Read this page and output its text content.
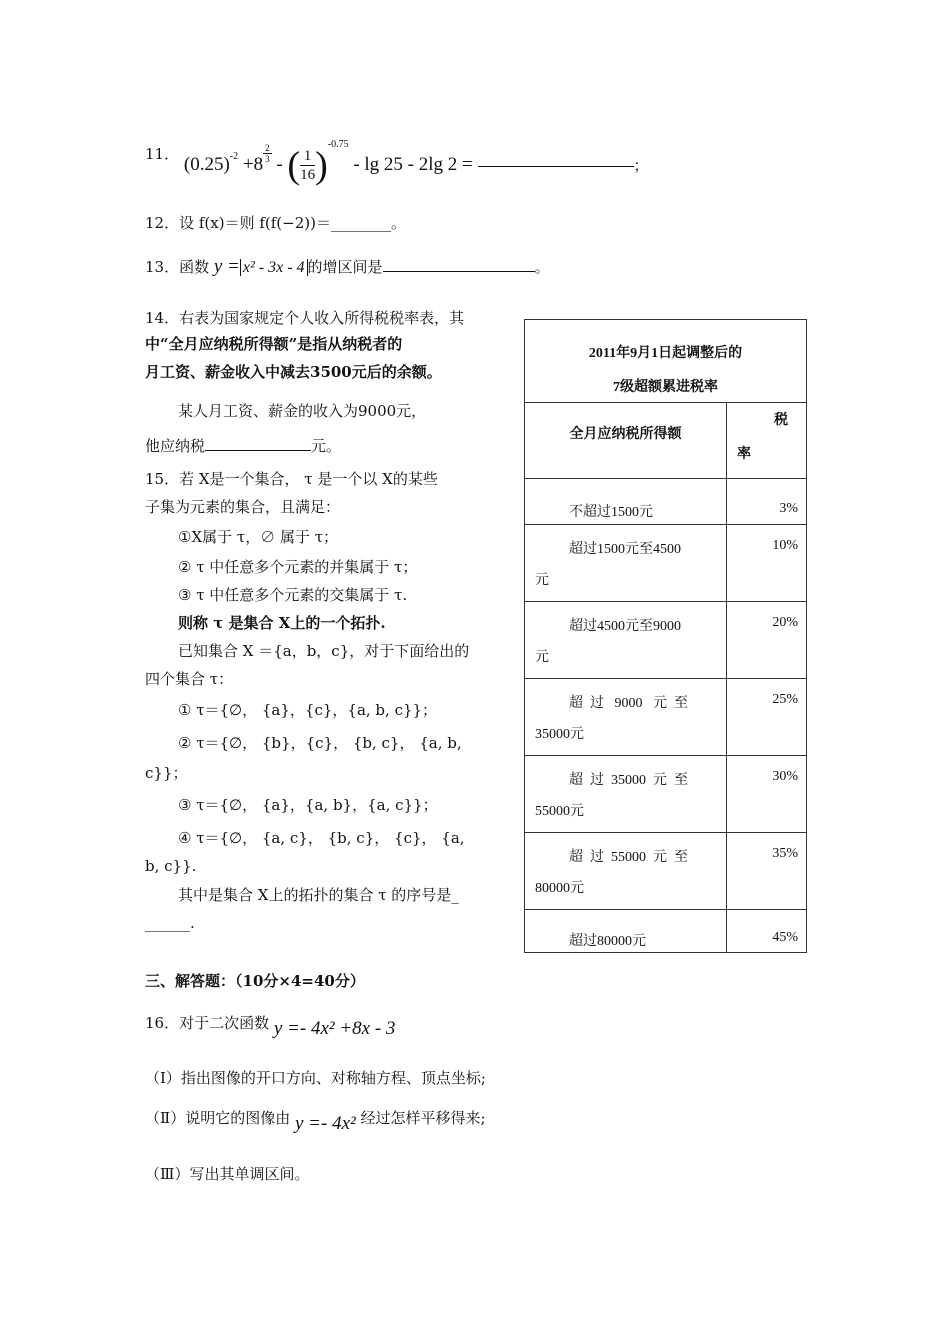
11． $(0.25)^{-2} +8$
$\frac{2}{3}$
- ( $\frac{1}{16} )^{-0.75}$ - lg 25 - 2lg 2 =	；
12．设 f(x)＝则 f(f(−2))＝________。
13．函数 y = x² - 3x - 4 的增区间是	。
14．右表为国家规定个人收入所得税税率表，其
中“全月应纳税所得额”是指从纳税者的
月工资、薪金收入中减去3500元后的余额。
某人月工资、薪金的收入为9000元，
他应纳税	元。
15．若 X是一个集合， τ 是一个以 X的某些
子集为元素的集合，且满足：
①X属于 τ，∅ 属于 τ；
② τ 中任意多个元素的并集属于 τ；
③ τ 中任意多个元素的交集属于 τ.
则称 τ 是集合 X上的一个拓扑.
已知集合 X ＝{a，b，c}，对于下面给出的
四个集合 τ：
① τ＝{∅， {a}，{c}，{a, b, c}}；
② τ＝{∅， {b}，{c}， {b, c}， {a, b,
c}}；
③ τ＝{∅， {a}，{a, b}，{a, c}}；
④ τ＝{∅， {a, c}， {b, c}， {c}， {a,
b, c}}.
其中是集合 X上的拓扑的集合 τ 的序号是_
______.
2011年9月1日起调整后的
7级超额累进税率	

全月应纳税所得额	税
率

不超过1500元	3%

超过1500元至4500
元	10%

超过4500元至9000
元	20%

超  过   9000   元  至
35000元	25%

超  过  35000  元  至
55000元	30%

超  过  55000  元  至
80000元	35%

超过80000元	45%
三、解答题：（10分×4=40分）
16．对于二次函数 y =- 4x² +8x - 3
（Ⅰ）指出图像的开口方向、对称轴方程、顶点坐标;
（Ⅱ）说明它的图像由 y =- 4x² 经过怎样平移得来;
（Ⅲ）写出其单调区间。
